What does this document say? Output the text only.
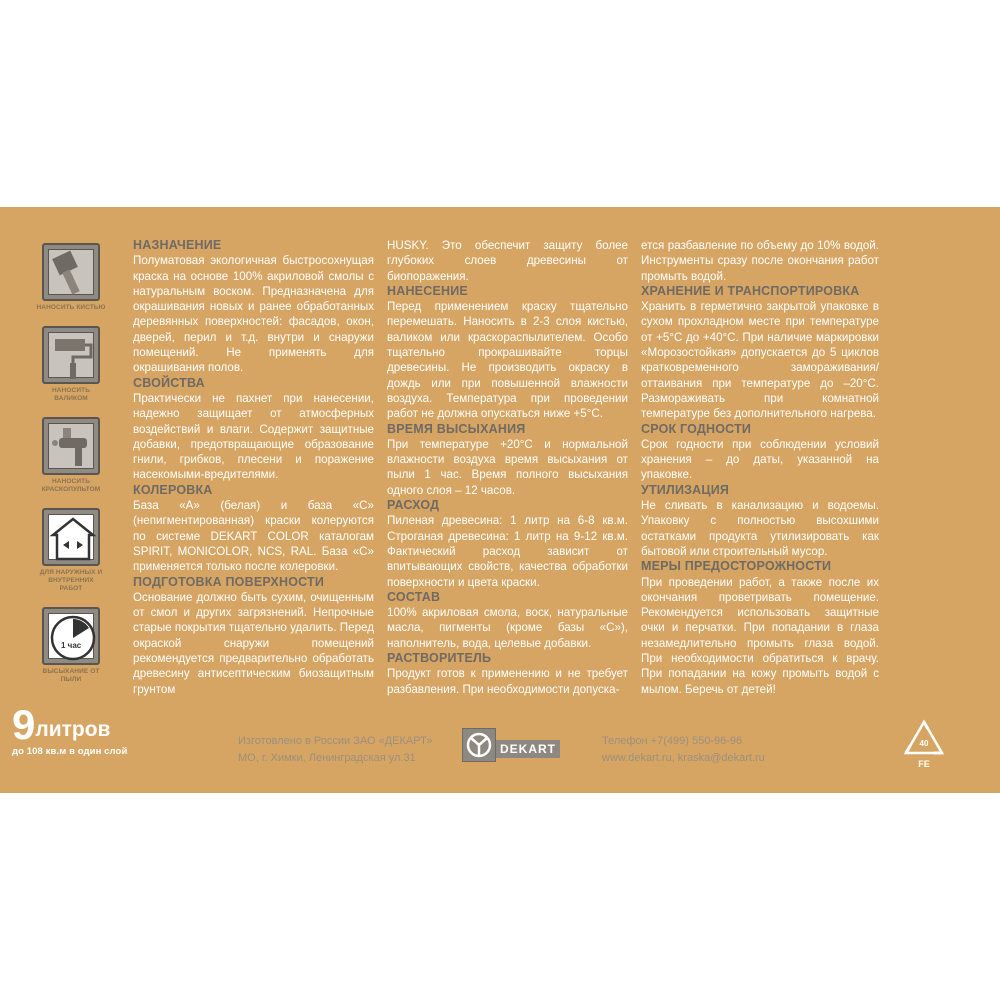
НАНОСИТЬ КИСТЬЮ
НАНОСИТЬ ВАЛИКОМ
НАНОСИТЬ КРАСКОПУЛЬТОМ
ДЛЯ НАРУЖНЫХ И ВНУТРЕННИХ РАБОТ
1 час
ВЫСЫХАНИЕ ОТ ПЫЛИ
НАЗНАЧЕНИЕ

Полуматовая экологичная быстросохнущая краска на основе 100% акриловой смолы с натуральным воском. Предназначена для окрашивания новых и ранее обработанных деревянных поверхностей: фасадов, окон, дверей, перил и т.д. внутри и снаружи помещений. Не применять для окрашивания полов.

СВОЙСТВА

Практически не пахнет при нанесении, надежно защищает от атмосферных воздействий и влаги. Содержит защитные добавки, предотвращающие образование гнили, грибков, плесени и поражение насекомыми-вредителями.

КОЛЕРОВКА

База «А» (белая) и база «С» (непигментированная) краски колеруются по системе DEKART COLOR каталогам SPIRIT, MONICOLOR, NCS, RAL. База «С» применяется только после колеровки.

ПОДГОТОВКА ПОВЕРХНОСТИ

Основание должно быть сухим, очищенным от смол и других загрязнений. Непрочные старые покрытия тщательно удалить. Перед окраской снаружи помещений рекомендуется предварительно обработать древесину антисептическим биозащитным грунтом

HUSKY. Это обеспечит защиту более глубоких слоев древесины от биопоражения.

НАНЕСЕНИЕ

Перед применением краску тщательно перемешать. Наносить в 2-3 слоя кистью, валиком или краскораспылителем. Особо тщательно прокрашивайте торцы древесины. Не производить окраску в дождь или при повышенной влажности воздуха. Температура при проведении работ не должна опускаться ниже +5°С.

ВРЕМЯ ВЫСЫХАНИЯ

При температуре +20°С и нормальной влажности воздуха время высыхания от пыли 1 час. Время полного высыхания одного слоя – 12 часов.

РАСХОД

Пиленая древесина: 1 литр на 6-8 кв.м. Строганая древесина: 1 литр на 9-12 кв.м. Фактический расход зависит от впитывающих свойств, качества обработки поверхности и цвета краски.

СОСТАВ

100% акриловая смола, воск, натуральные масла, пигменты (кроме базы «С»), наполнитель, вода, целевые добавки.

РАСТВОРИТЕЛЬ

Продукт готов к применению и не требует разбавления. При необходимости допуска-

ется разбавление по объему до 10% водой. Инструменты сразу после окончания работ промыть водой.

ХРАНЕНИЕ И ТРАНСПОРТИРОВКА

Хранить в герметично закрытой упаковке в сухом прохладном месте при температуре от +5°С до +40°С. При наличие маркировки «Морозостойкая» допускается до 5 циклов кратковременного замораживания/оттаивания при температуре до –20°С. Размораживать при комнатной температуре без дополнительного нагрева.

СРОК ГОДНОСТИ

Срок годности при соблюдении условий хранения – до даты, указанной на упаковке.

УТИЛИЗАЦИЯ

Не сливать в канализацию и водоемы. Упаковку с полностью высохшими остатками продукта утилизировать как бытовой или строительный мусор.

МЕРЫ ПРЕДОСТОРОЖНОСТИ

При проведении работ, а также после их окончания проветривать помещение. Рекомендуется использовать защитные очки и перчатки. При попадании в глаза незамедлительно промыть глаза водой. При необходимости обратиться к врачу. При попадании на кожу промыть водой с мылом. Беречь от детей!

9литров
до 108 кв.м в один слой
Изготовлено в России ЗАО «ДЕКАРТ»
МО, г. Химки, Ленинградская ул.31
DEKART
Телефон +7(499) 550-96-96
www.dekart.ru, kraska@dekart.ru
40
FE
